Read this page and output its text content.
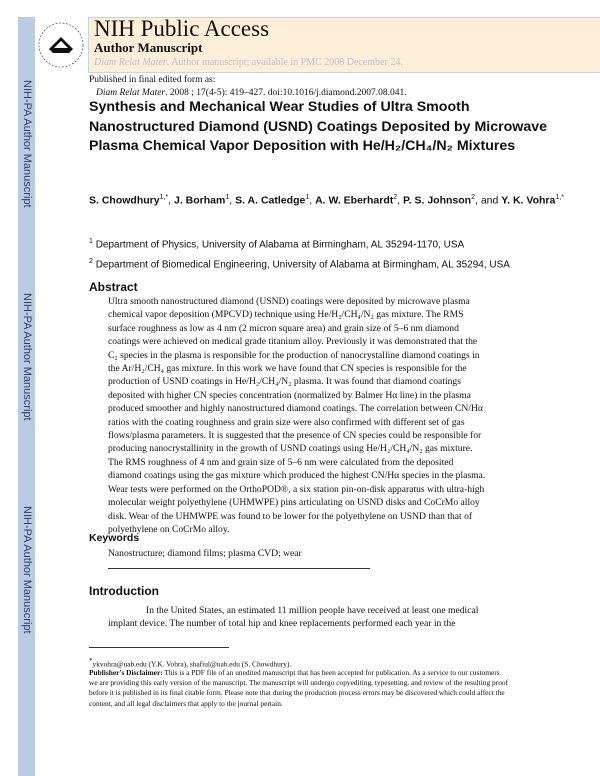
NIH-PA Author Manuscript
NIH-PA Author Manuscript
NIH-PA Author Manuscript
NIH Public Access
Author Manuscript
Diam Relat Mater. Author manuscript; available in PMC 2008 December 24.
Published in final edited form as:
Diam Relat Mater. 2008 ; 17(4-5): 419–427. doi:10.1016/j.diamond.2007.08.041.
Synthesis and Mechanical Wear Studies of Ultra Smooth Nanostructured Diamond (USND) Coatings Deposited by Microwave Plasma Chemical Vapor Deposition with He/H₂/CH₄/N₂ Mixtures
S. Chowdhury$^{1,*}$, J. Borham$^1$, S. A. Catledge$^1$, A. W. Eberhardt$^2$, P. S. Johnson$^2$, and Y. K. Vohra$^{1,*}$
$^1$ Department of Physics, University of Alabama at Birmingham, AL 35294-1170, USA
$^2$ Department of Biomedical Engineering, University of Alabama at Birmingham, AL 35294, USA
Abstract
Ultra smooth nanostructured diamond (USND) coatings were deposited by microwave plasma
chemical vapor deposition (MPCVD) technique using He/H₂/CH₄/N₂ gas mixture. The RMS
surface roughness as low as 4 nm (2 micron square area) and grain size of 5–6 nm diamond
coatings were achieved on medical grade titanium alloy. Previously it was demonstrated that the
C₂ species in the plasma is responsible for the production of nanocrystalline diamond coatings in
the Ar/H₂/CH₄ gas mixture. In this work we have found that CN species is responsible for the
production of USND coatings in He/H₂/CH₄/N₂ plasma. It was found that diamond coatings
deposited with higher CN species concentration (normalized by Balmer Hα line) in the plasma
produced smoother and highly nanostructured diamond coatings. The correlation between CN/Hα
ratios with the coating roughness and grain size were also confirmed with different set of gas
flows/plasma parameters. It is suggested that the presence of CN species could be responsible for
producing nanocrystallinity in the growth of USND coatings using He/H₂/CH₄/N₂ gas mixture.
The RMS roughness of 4 nm and grain size of 5–6 nm were calculated from the deposited
diamond coatings using the gas mixture which produced the highest CN/Hα species in the plasma.
Wear tests were performed on the OrthoPOD®, a six station pin-on-disk apparatus with ultra-high
molecular weight polyethylene (UHMWPE) pins articulating on USND disks and CoCrMo alloy
disk. Wear of the UHMWPE was found to be lower for the polyethylene on USND than that of
polyethylene on CoCrMo alloy.
Keywords
Nanostructure; diamond films; plasma CVD; wear
Introduction
In the United States, an estimated 11 million people have received at least one medical
implant device. The number of total hip and knee replacements performed each year in the
*ykvohra@uab.edu (Y.K. Vohra), shafiul@uab.edu (S. Chowdhury).
Publisher's Disclaimer: This is a PDF file of an unedited manuscript that has been accepted for publication. As a service to our customers we are providing this early version of the manuscript. The manuscript will undergo copyediting, typesetting, and review of the resulting proof before it is published in its final citable form. Please note that during the production process errors may be discovered which could affect the content, and all legal disclaimers that apply to the journal pertain.
